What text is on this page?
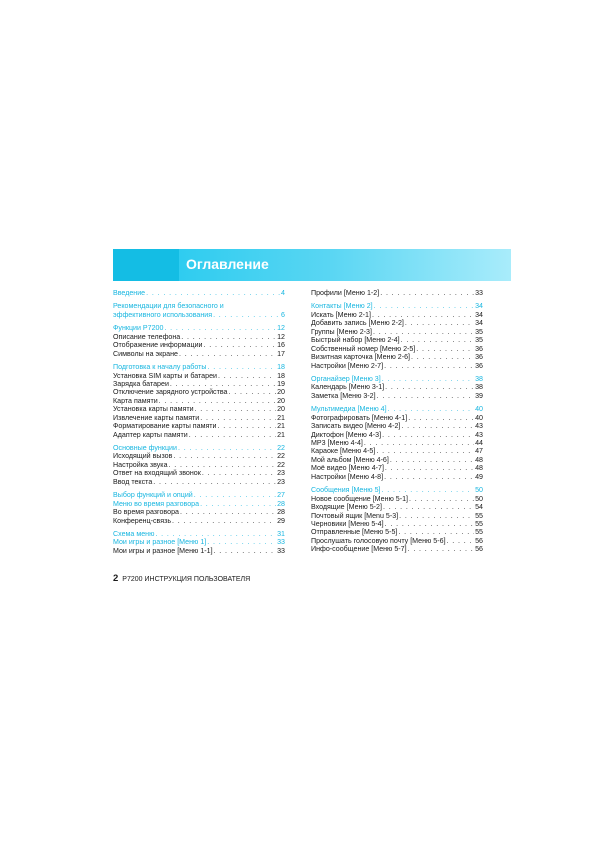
Оглавление
Введение . . .	4
Рекомендации для безопасного и
эффективного использования . . .	6
Функции P7200 . . .	12
Описание телефона . . .	12
Отображение информации . . .	16
Символы на экране . . .	17
Подготовка к началу работы . . .	18
Установка SIM карты и батареи . . .	18
Зарядка батареи . . .	19
Отключение зарядного устройства . . .	20
Карта памяти . . .	20
Установка карты памяти . . .	20
Извлечение карты памяти . . .	21
Форматирование карты памяти . . .	21
Адаптер карты памяти . . .	21
Основные функции . . .	22
Исходящий вызов . . .	22
Настройка звука . . .	22
Ответ на входящий звонок . . .	23
Ввод текста . . .	23
Выбор функций и опций . . .	27
Меню во время разговора . . .	28
Во время разговора . . .	28
Конференц-связь . . .	29
Схема меню . . .	31
Мои игры и разное [Меню 1] . . .	33
Мои игры и разное [Меню 1-1] . . .	33
Профили [Меню 1-2] . . .	33
Контакты [Меню 2] . . .	34
Искать [Меню 2-1] . . .	34
Добавить запись [Меню 2-2] . . .	34
Группы [Меню 2-3] . . .	35
Быстрый набор [Меню 2-4] . . .	35
Собственный номер [Меню 2-5] . . .	36
Визитная карточка [Меню 2-6] . . .	36
Настройки [Меню 2-7] . . .	36
Органайзер [Меню 3] . . .	38
Календарь [Меню 3-1] . . .	38
Заметка [Меню 3-2] . . .	39
Мультимедиа [Меню 4] . . .	40
Фотографировать [Меню 4-1] . . .	40
Записать видео [Меню 4-2] . . .	43
Диктофон [Меню 4-3] . . .	43
MP3 [Меню 4-4] . . .	44
Караоке [Меню 4-5] . . .	47
Мой альбом [Меню 4-6] . . .	48
Моё видео [Меню 4-7] . . .	48
Настройки [Меню 4-8] . . .	49
Сообщения [Меню 5] . . .	50
Новое сообщение [Меню 5-1] . . .	50
Входящие [Меню 5-2] . . .	54
Почтовый ящик [Menu 5-3] . . .	55
Черновики [Меню 5-4] . . .	55
Отправленные [Меню 5-5] . . .	55
Прослушать голосовую почту [Меню 5-6] . . .	56
Инфо-сообщение [Меню 5-7] . . .	56
2 P7200 ИНСТРУКЦИЯ ПОЛЬЗОВАТЕЛЯ
